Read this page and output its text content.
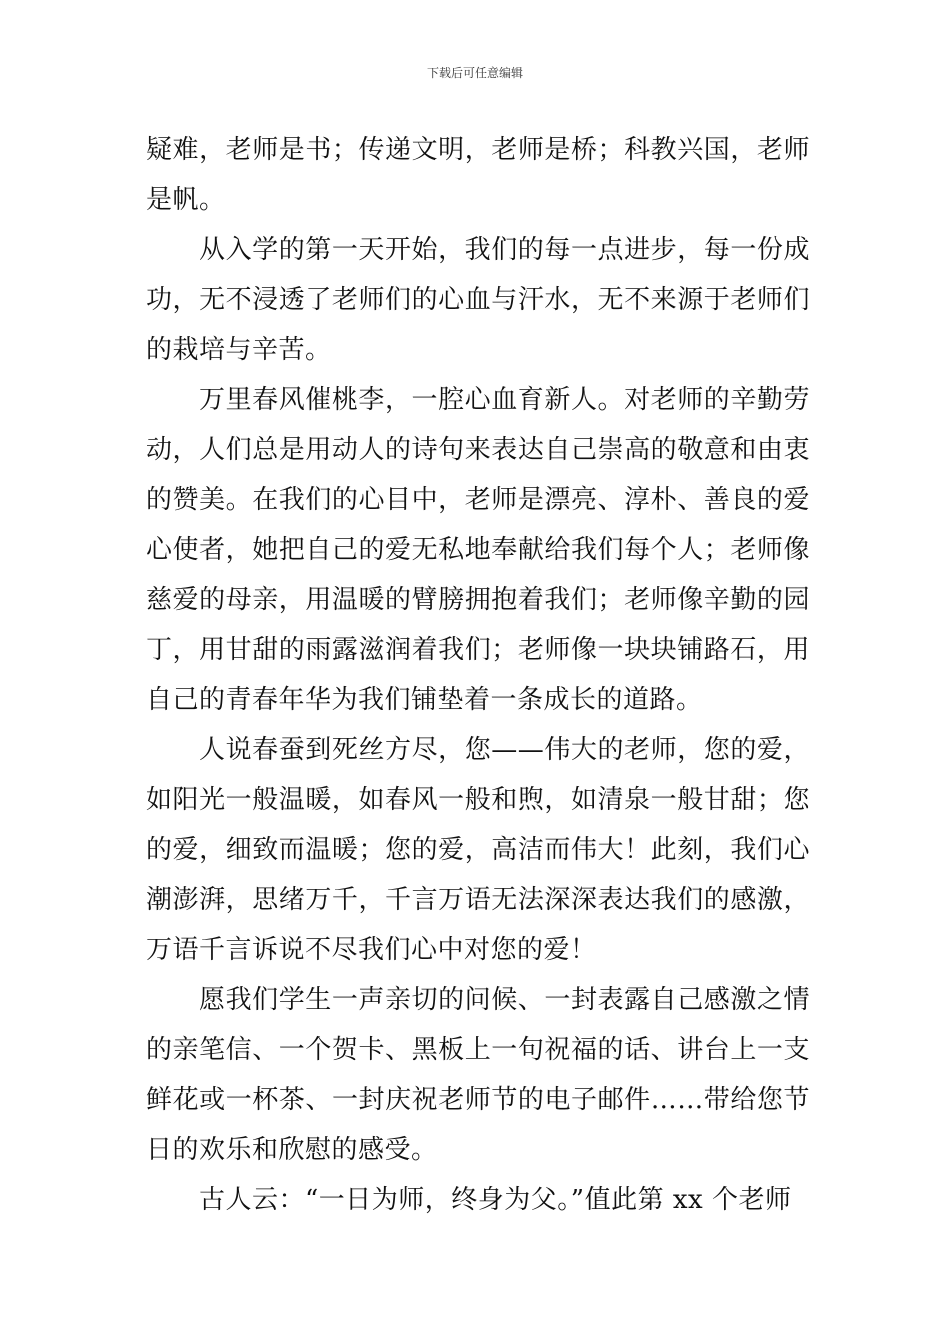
下载后可任意编辑

疑难，老师是书；传递文明，老师是桥；科教兴国，老师是帆。

从入学的第一天开始，我们的每一点进步，每一份成功，无不浸透了老师们的心血与汗水，无不来源于老师们的栽培与辛苦。

万里春风催桃李，一腔心血育新人。对老师的辛勤劳动，人们总是用动人的诗句来表达自己崇高的敬意和由衷的赞美。在我们的心目中，老师是漂亮、淳朴、善良的爱心使者，她把自己的爱无私地奉献给我们每个人；老师像慈爱的母亲，用温暖的臂膀拥抱着我们；老师像辛勤的园丁，用甘甜的雨露滋润着我们；老师像一块块铺路石，用自己的青春年华为我们铺垫着一条成长的道路。

人说春蚕到死丝方尽，您——伟大的老师，您的爱，如阳光一般温暖，如春风一般和煦，如清泉一般甘甜；您的爱，细致而温暖；您的爱，高洁而伟大！此刻，我们心潮澎湃，思绪万千，千言万语无法深深表达我们的感激，万语千言诉说不尽我们心中对您的爱！

愿我们学生一声亲切的问候、一封表露自己感激之情的亲笔信、一个贺卡、黑板上一句祝福的话、讲台上一支鲜花或一杯茶、一封庆祝老师节的电子邮件……带给您节日的欢乐和欣慰的感受。

古人云：“一日为师，终身为父。”值此第 xx 个老师
